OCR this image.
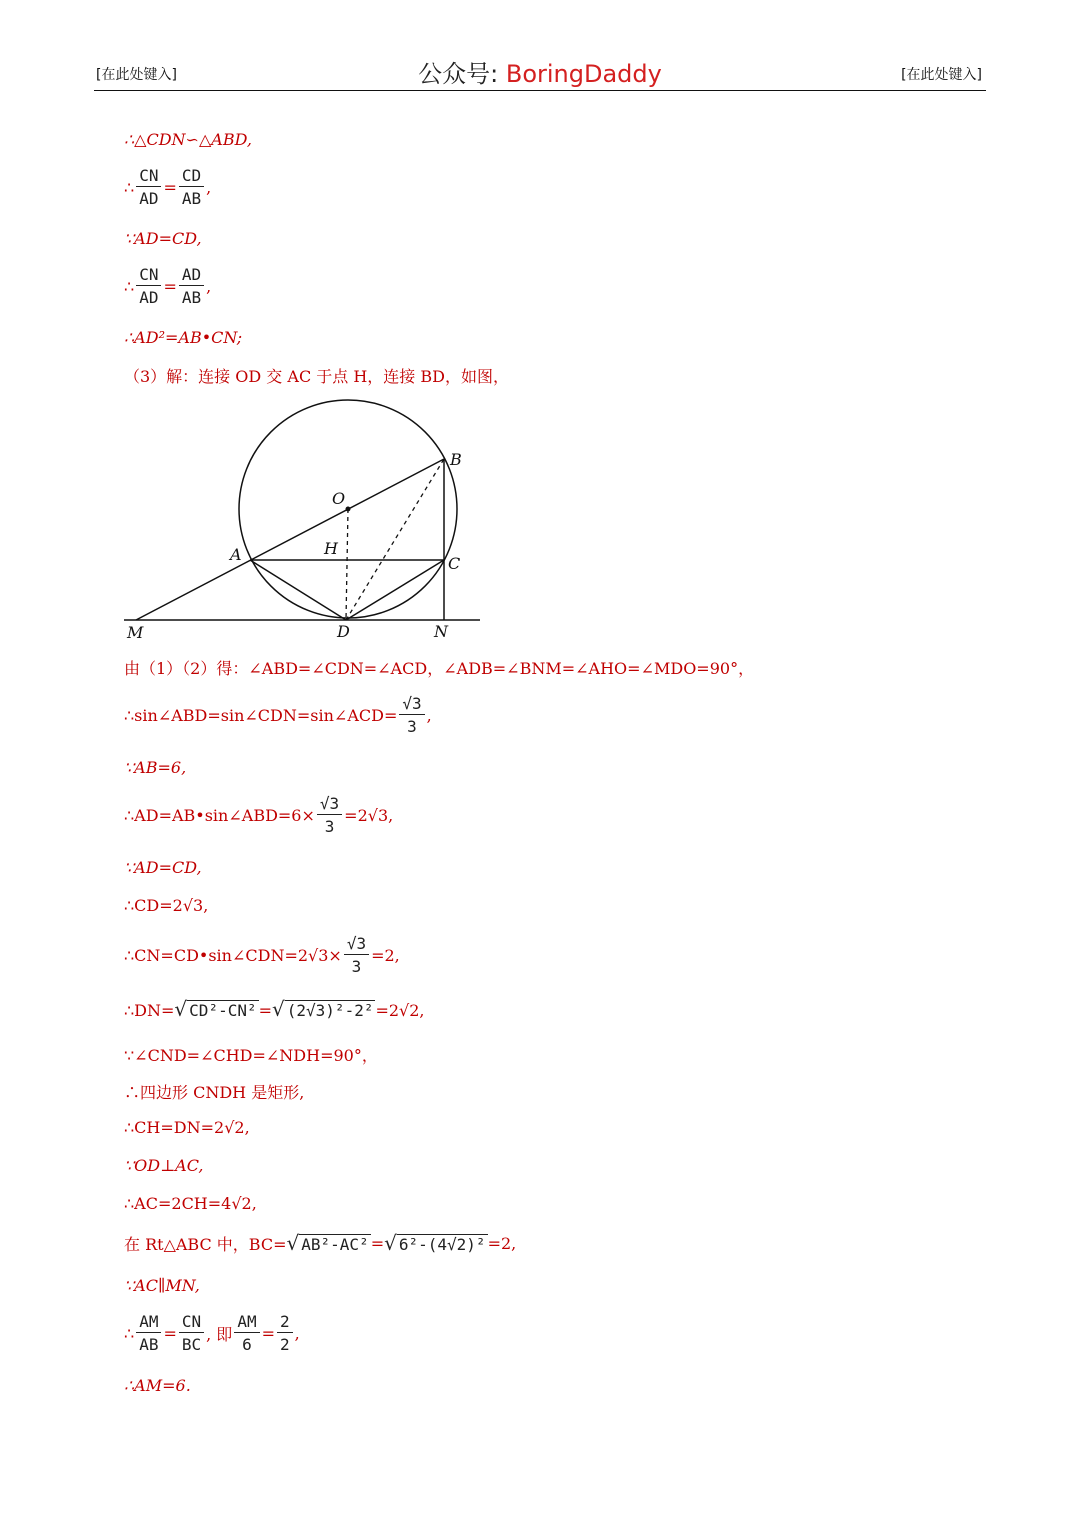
[在此处键入]	公众号: BoringDaddy	[在此处键入]
∴△CDN∽△ABD,
∴ $\frac{CN}{AD} = \frac{CD}{AB}$ ,
∵AD=CD,
∴ $\frac{CN}{AD} = \frac{AD}{AB}$ ,
∴AD²=AB•CN;
（3）解：连接 OD 交 AC 于点 H，连接 BD，如图，
B
O
H
A	C
M	D	N
由（1）（2）得：∠ABD=∠CDN=∠ACD，∠ADB=∠BNM=∠AHO=∠MDO=90°，
∴sin∠ABD=sin∠CDN=sin∠ACD= $\frac{√3}{3}$ ,
∵AB=6,
∴AD=AB•sin∠ABD=6× $\frac{√3}{3} =2√3$,
∵AD=CD,
∴CD=2√3,
∴CN=CD•sin∠CDN=2√3× $\frac{√3}{3} =2$,
∴DN= √ CD²-CN² = √ (2√3)²-2² =2√2,
∵∠CND=∠CHD=∠NDH=90°，
∴四边形 CNDH 是矩形,
∴CH=DN=2√2,
∵OD⊥AC,
∴AC=2CH=4√2,
在 Rt△ABC 中，BC= √ AB²-AC² = √ 6²-(4√2)² =2,
∵AC∥MN,
∴ $\frac{AM}{AB} = \frac{CN}{BC}$ , 即 $\frac{AM}{6} = \frac{2}{2}$ ,
∴AM=6.
